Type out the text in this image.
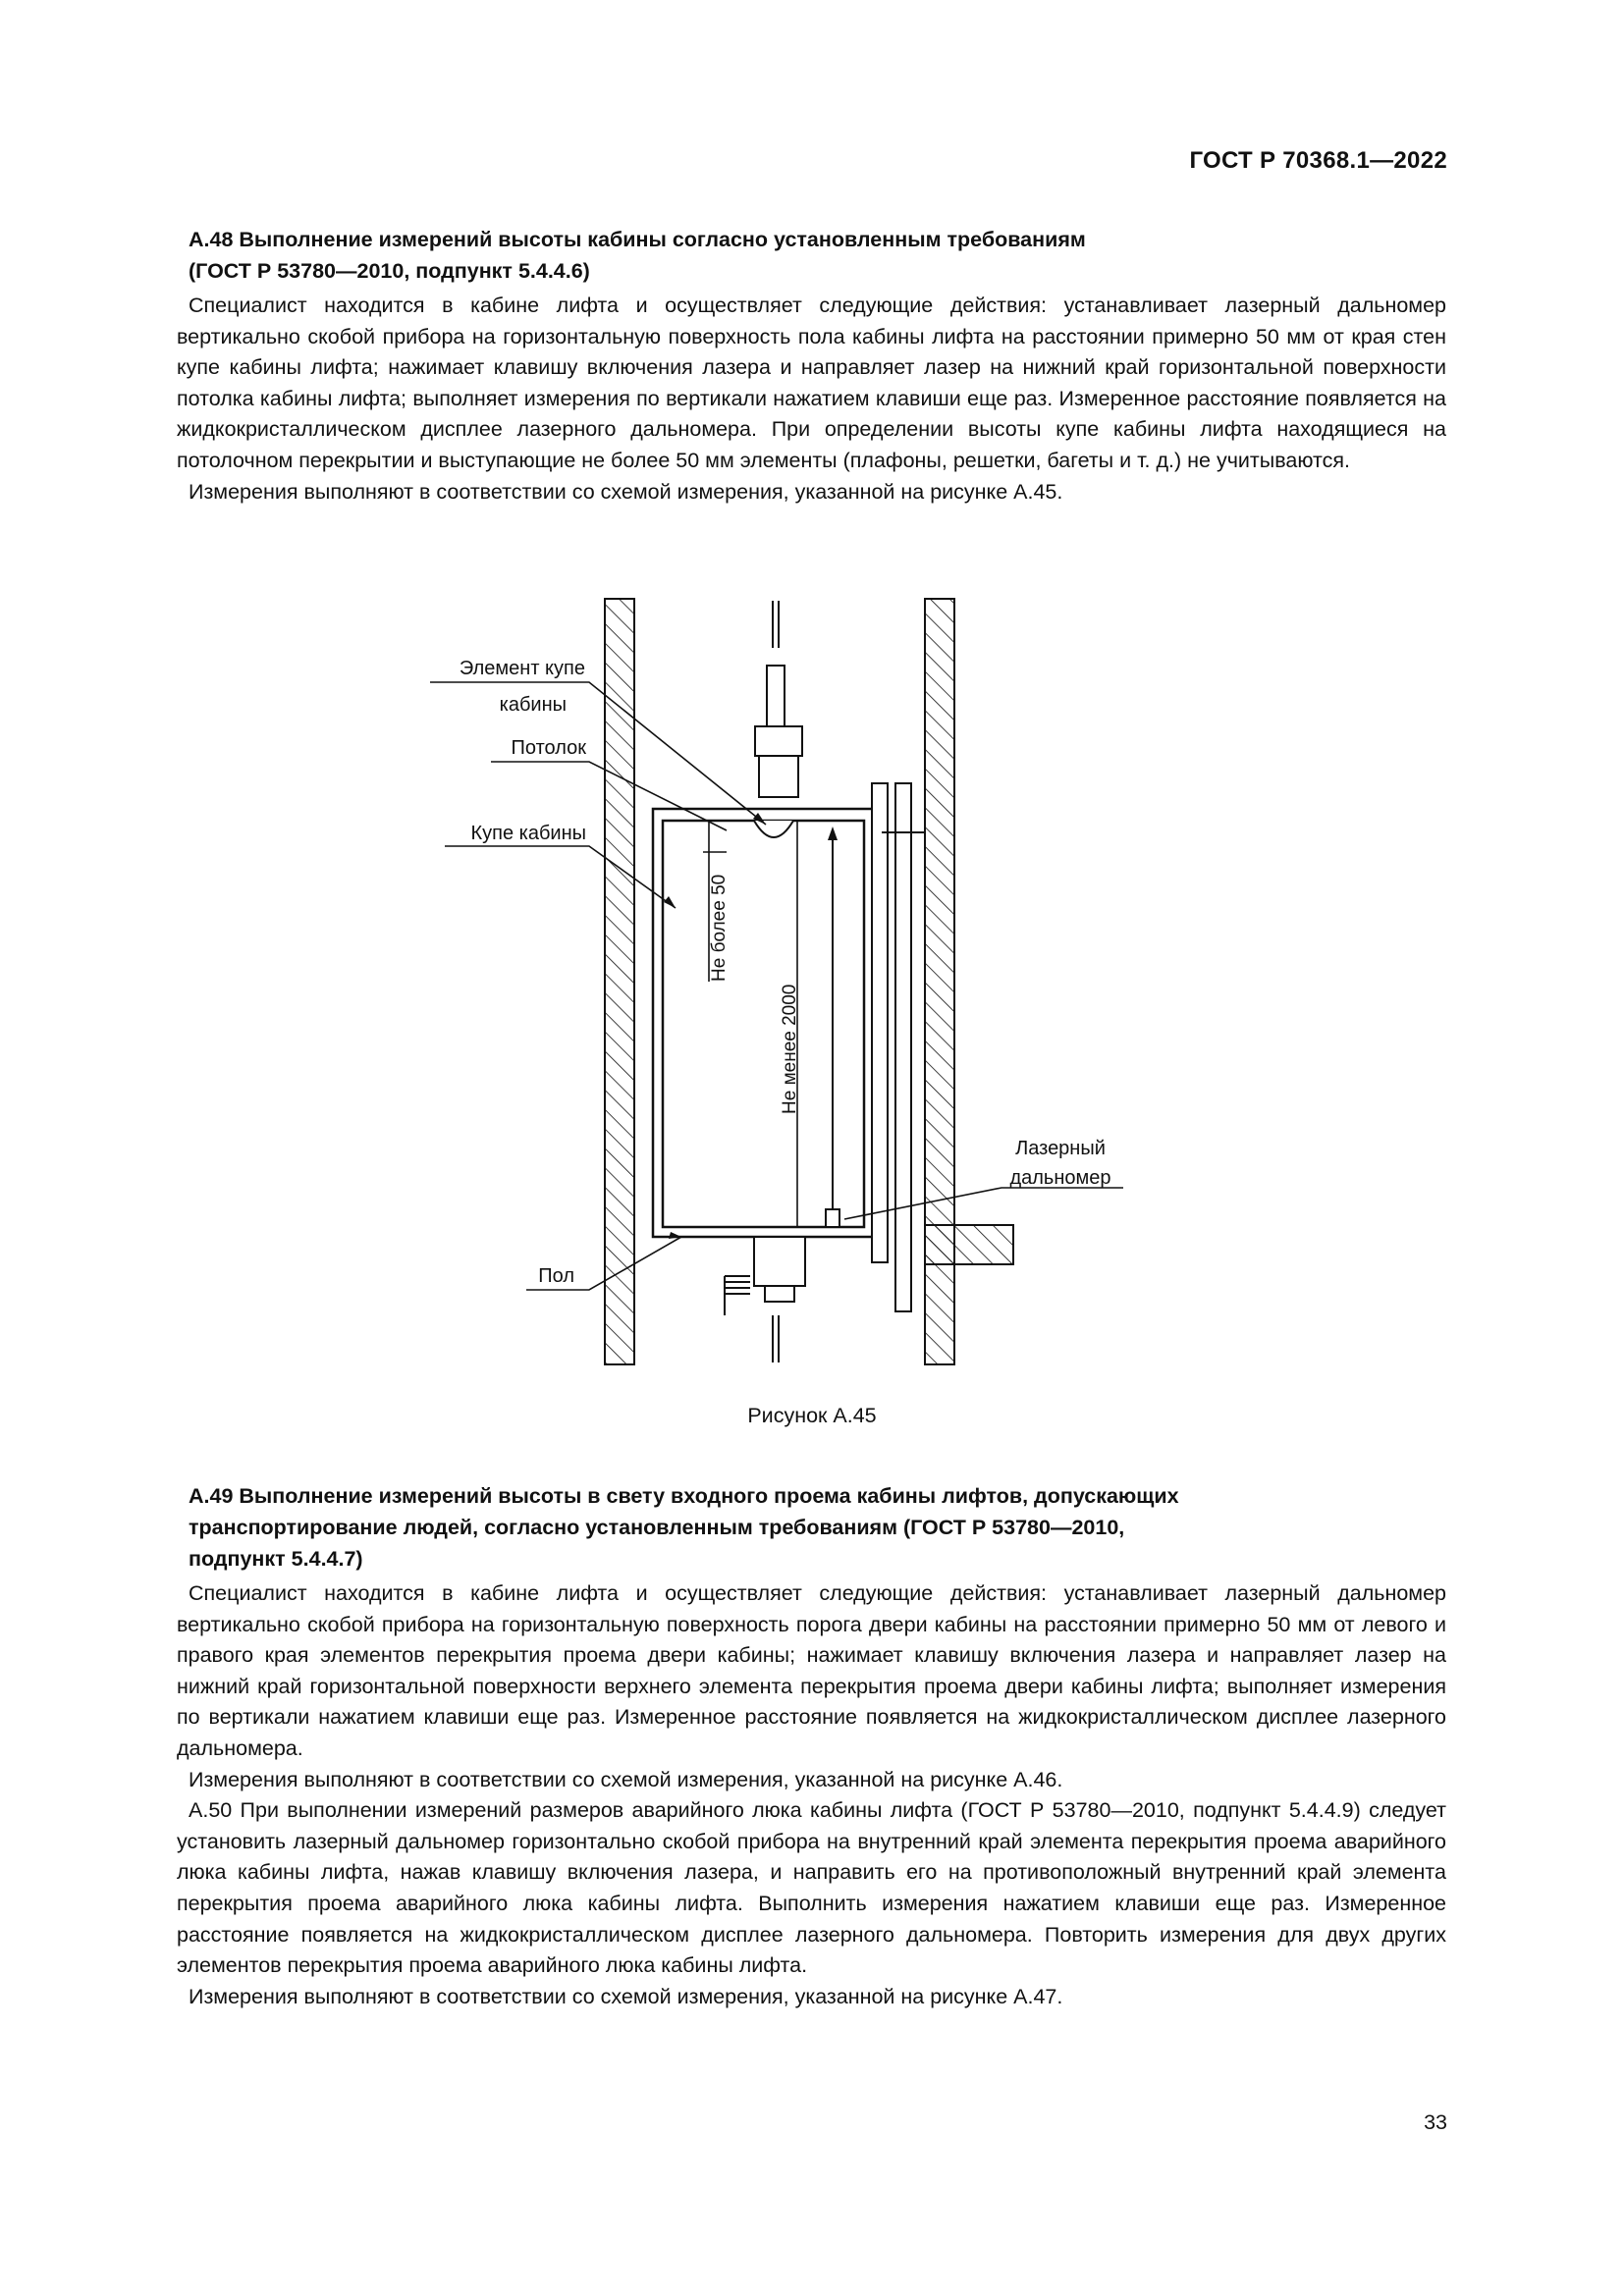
ГОСТ Р 70368.1—2022

А.48 Выполнение измерений высоты кабины согласно установленным требованиям
(ГОСТ Р 53780—2010, подпункт 5.4.4.6)

Специалист находится в кабине лифта и осуществляет следующие действия: устанавливает лазерный дальномер вертикально скобой прибора на горизонтальную поверхность пола кабины лифта на расстоянии примерно 50 мм от края стен купе кабины лифта; нажимает клавишу включения лазера и направляет лазер на нижний край горизонтальной поверхности потолка кабины лифта; выполняет измерения по вертикали нажатием клавиши еще раз. Измеренное расстояние появляется на жидкокристаллическом дисплее лазерного дальномера. При определении высоты купе кабины лифта находящиеся на потолочном перекрытии и выступающие не более 50 мм элементы (плафоны, решетки, багеты и т. д.) не учитываются.

Измерения выполняют в соответствии со схемой измерения, указанной на рисунке А.45.

Не более 50
Не менее 2000
Элемент купе
кабины
Потолок
Купе кабины
Пол
Лазерный
дальномер
Рисунок А.45

А.49 Выполнение измерений высоты в свету входного проема кабины лифтов, допускающих
транспортирование людей, согласно установленным требованиям (ГОСТ Р 53780—2010,
подпункт 5.4.4.7)

Специалист находится в кабине лифта и осуществляет следующие действия: устанавливает лазерный дальномер вертикально скобой прибора на горизонтальную поверхность порога двери кабины на расстоянии примерно 50 мм от левого и правого края элементов перекрытия проема двери кабины; нажимает клавишу включения лазера и направляет лазер на нижний край горизонтальной поверхности верхнего элемента перекрытия проема двери кабины лифта; выполняет измерения по вертикали нажатием клавиши еще раз. Измеренное расстояние появляется на жидкокристаллическом дисплее лазерного дальномера.

Измерения выполняют в соответствии со схемой измерения, указанной на рисунке А.46.

А.50 При выполнении измерений размеров аварийного люка кабины лифта (ГОСТ Р 53780—2010, подпункт 5.4.4.9) следует установить лазерный дальномер горизонтально скобой прибора на внутренний край элемента перекрытия проема аварийного люка кабины лифта, нажав клавишу включения лазера, и направить его на противоположный внутренний край элемента перекрытия проема аварийного люка кабины лифта. Выполнить измерения нажатием клавиши еще раз. Измеренное расстояние появляется на жидкокристаллическом дисплее лазерного дальномера. Повторить измерения для двух других элементов перекрытия проема аварийного люка кабины лифта.

Измерения выполняют в соответствии со схемой измерения, указанной на рисунке А.47.

33
